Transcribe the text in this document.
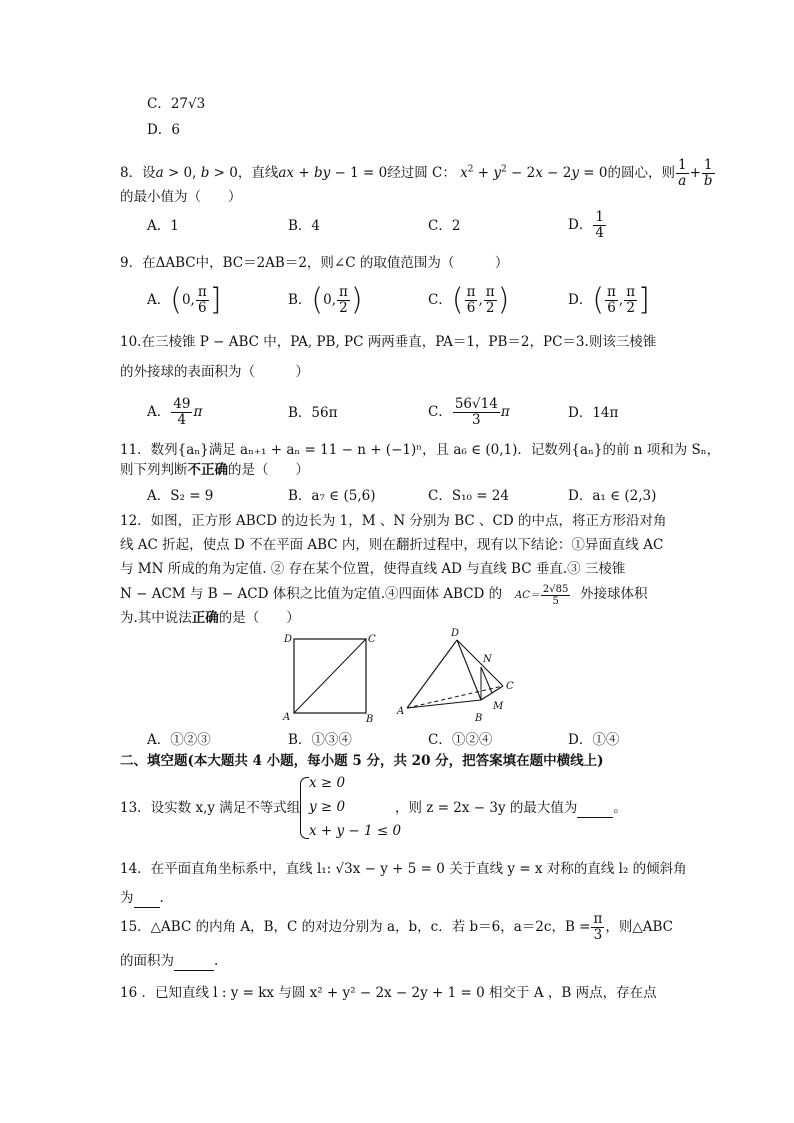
C．27√3
D．6
8．设a > 0, b > 0，直线ax + by − 1 = 0经过圆 C： $x^2 + y^2 - 2x - 2y = 0$的圆心，则 $\frac{1}{a} + \frac{1}{b}$
的最小值为（　　）
A．1	B．4	C．2	D． $\frac{1}{4}$
9．在ΔABC中，BC＝2AB＝2，则∠C 的取值范围为（　　　）
A．(0, $\frac{\pi}{6}$ ]	B．(0, $\frac{\pi}{2}$ )	C．( $\frac{\pi}{6}$ , $\frac{\pi}{2}$ )	D．( $\frac{\pi}{6}$ , $\frac{\pi}{2}$ ]
10.在三棱锥 P − ABC 中，PA, PB, PC 两两垂直，PA＝1，PB＝2，PC＝3.则该三棱锥
的外接球的表面积为（　　　）
A． $\frac{49}{4}$ π	B．56π	C． $\frac{56√14}{3}$ π	D．14π
11．数列{aₙ}满足 aₙ₊₁ + aₙ = 11 − n + (−1)ⁿ，且 a₆ ∈ (0,1)．记数列{aₙ}的前 n 项和为 Sₙ，
则下列判断不正确的是（　　）
A．S₂ = 9	B．a₇ ∈ (5,6)	C．S₁₀ = 24	D．a₁ ∈ (2,3)
12．如图，正方形 ABCD 的边长为 1，M 、N 分别为 BC 、CD 的中点，将正方形沿对角
线 AC 折起，使点 D 不在平面 ABC 内，则在翻折过程中，现有以下结论：①异面直线 AC
与 MN 所成的角为定值. ② 存在某个位置，使得直线 AD 与直线 BC 垂直.③ 三棱锥
N − ACM 与 B − ACD 体积之比值为定值.④四面体 ABCD 的 $AC= \frac{2√85}{5}$ 外接球体积
为.其中说法正确的是（　　）
D	C
A	B
D
N
C
A
B
M
A．①②③	B．①③④	C．①②④	D．①④
二、填空题(本大题共 4 小题，每小题 5 分，共 20 分，把答案填在题中横线上)
13．设实数 x,y 满足不等式组
x ≥ 0
y ≥ 0
x + y − 1 ≤ 0
，则 z = 2x − 3y 的最大值为	。
14．在平面直角坐标系中，直线 l₁: √3x − y + 5 = 0 关于直线 y = x 对称的直线 l₂ 的倾斜角
为 .
15．△ABC 的内角 A，B，C 的对边分别为 a，b，c．若 b＝6，a＝2c，$B = \frac{\pi}{3}$ ，则△ABC
的面积为	.
16 ．已知直线 l : y = kx 与圆 x² + y² − 2x − 2y + 1 = 0 相交于 A ，B 两点，存在点
